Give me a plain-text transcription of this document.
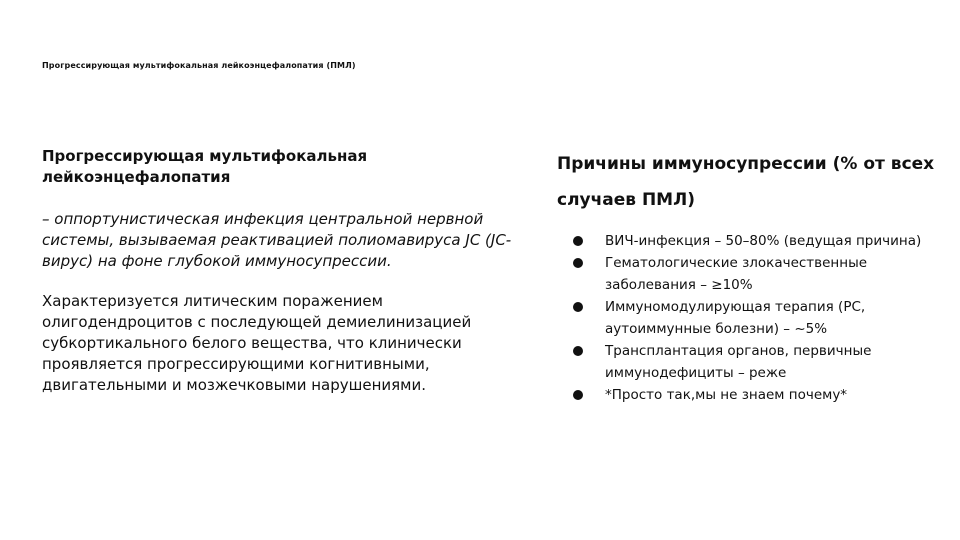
Прогрессирующая мультифокальная лейкоэнцефалопатия (ПМЛ)
Прогрессирующая мультифокальная лейкоэнцефалопатия
– оппортунистическая инфекция центральной нервной системы, вызываемая реактивацией полиомавируса JC (JC-вирус) на фоне глубокой иммуносупрессии.
Характеризуется литическим поражением олигодендроцитов с последующей демиелинизацией субкортикального белого вещества, что клинически проявляется прогрессирующими когнитивными, двигательными и мозжечковыми нарушениями.
Причины иммуносупрессии (% от всех случаев ПМЛ)
ВИЧ-инфекция – 50–80% (ведущая причина)
Гематологические злокачественные заболевания – ≥10%
Иммуномодулирующая терапия (РС, аутоиммунные болезни) – ~5%
Трансплантация органов, первичные иммунодефициты – реже
*Просто так,мы не знаем почему*
